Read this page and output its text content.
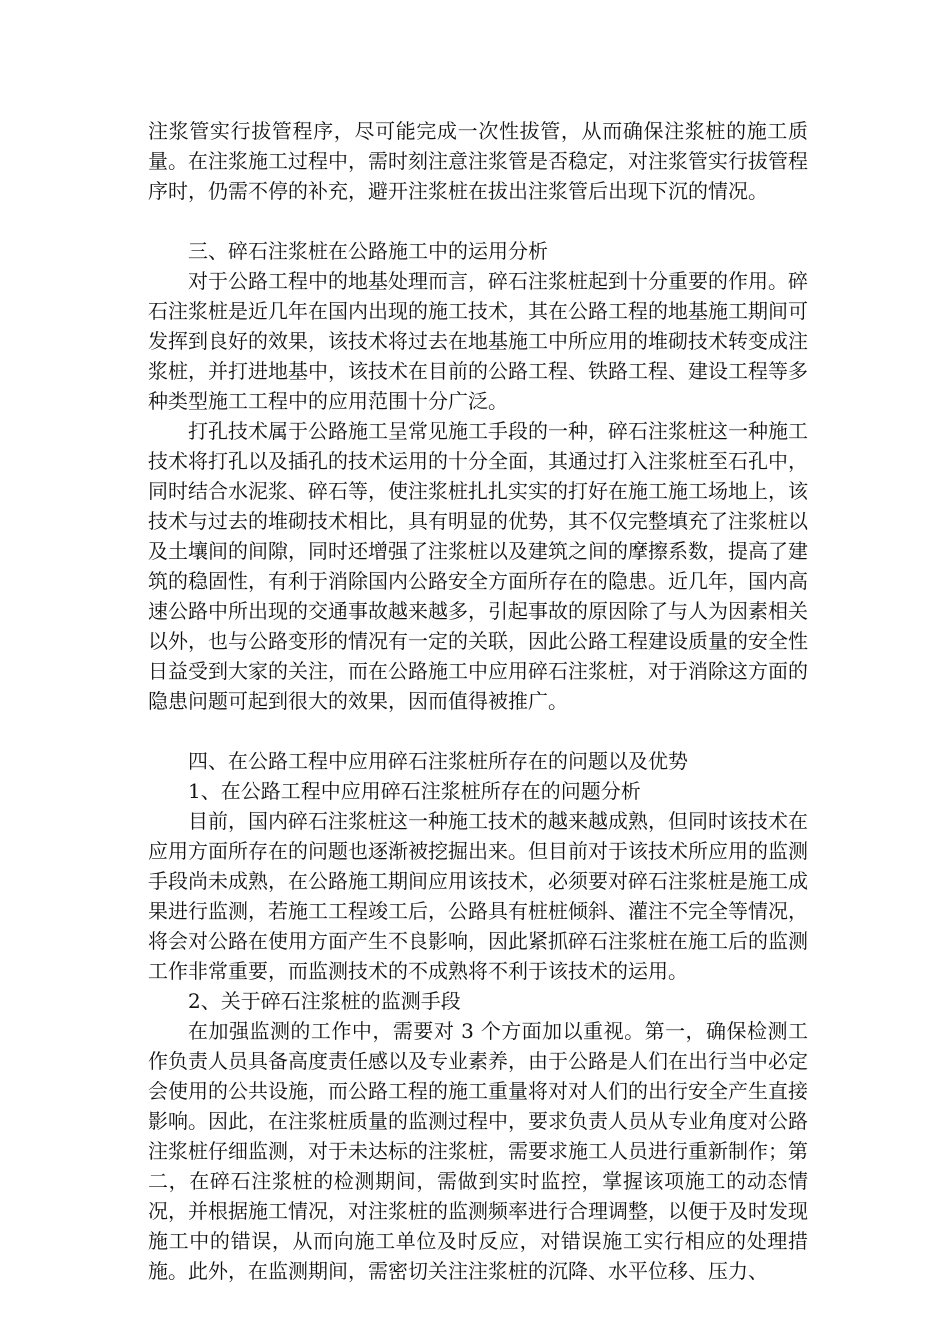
注浆管实行拔管程序，尽可能完成一次性拔管，从而确保注浆桩的施工质量。在注浆施工过程中，需时刻注意注浆管是否稳定，对注浆管实行拔管程序时，仍需不停的补充，避开注浆桩在拔出注浆管后出现下沉的情况。

三、碎石注浆桩在公路施工中的运用分析

对于公路工程中的地基处理而言，碎石注浆桩起到十分重要的作用。碎石注浆桩是近几年在国内出现的施工技术，其在公路工程的地基施工期间可发挥到良好的效果，该技术将过去在地基施工中所应用的堆砌技术转变成注浆桩，并打进地基中，该技术在目前的公路工程、铁路工程、建设工程等多种类型施工工程中的应用范围十分广泛。

打孔技术属于公路施工呈常见施工手段的一种，碎石注浆桩这一种施工技术将打孔以及插孔的技术运用的十分全面，其通过打入注浆桩至石孔中，同时结合水泥浆、碎石等，使注浆桩扎扎实实的打好在施工施工场地上，该技术与过去的堆砌技术相比，具有明显的优势，其不仅完整填充了注浆桩以及土壤间的间隙，同时还增强了注浆桩以及建筑之间的摩擦系数，提高了建筑的稳固性，有利于消除国内公路安全方面所存在的隐患。近几年，国内高速公路中所出现的交通事故越来越多，引起事故的原因除了与人为因素相关以外，也与公路变形的情况有一定的关联，因此公路工程建设质量的安全性日益受到大家的关注，而在公路施工中应用碎石注浆桩，对于消除这方面的隐患问题可起到很大的效果，因而值得被推广。

四、在公路工程中应用碎石注浆桩所存在的问题以及优势

1、在公路工程中应用碎石注浆桩所存在的问题分析

目前，国内碎石注浆桩这一种施工技术的越来越成熟，但同时该技术在应用方面所存在的问题也逐渐被挖掘出来。但目前对于该技术所应用的监测手段尚未成熟，在公路施工期间应用该技术，必须要对碎石注浆桩是施工成果进行监测，若施工工程竣工后，公路具有桩桩倾斜、灌注不完全等情况，将会对公路在使用方面产生不良影响，因此紧抓碎石注浆桩在施工后的监测工作非常重要，而监测技术的不成熟将不利于该技术的运用。

2、关于碎石注浆桩的监测手段

在加强监测的工作中，需要对 3 个方面加以重视。第一，确保检测工作负责人员具备高度责任感以及专业素养，由于公路是人们在出行当中必定会使用的公共设施，而公路工程的施工重量将对对人们的出行安全产生直接影响。因此，在注浆桩质量的监测过程中，要求负责人员从专业角度对公路注浆桩仔细监测，对于未达标的注浆桩，需要求施工人员进行重新制作；第二，在碎石注浆桩的检测期间，需做到实时监控，掌握该项施工的动态情况，并根据施工情况，对注浆桩的监测频率进行合理调整，以便于及时发现施工中的错误，从而向施工单位及时反应，对错误施工实行相应的处理措施。此外，在监测期间，需密切关注注浆桩的沉降、水平位移、压力、
